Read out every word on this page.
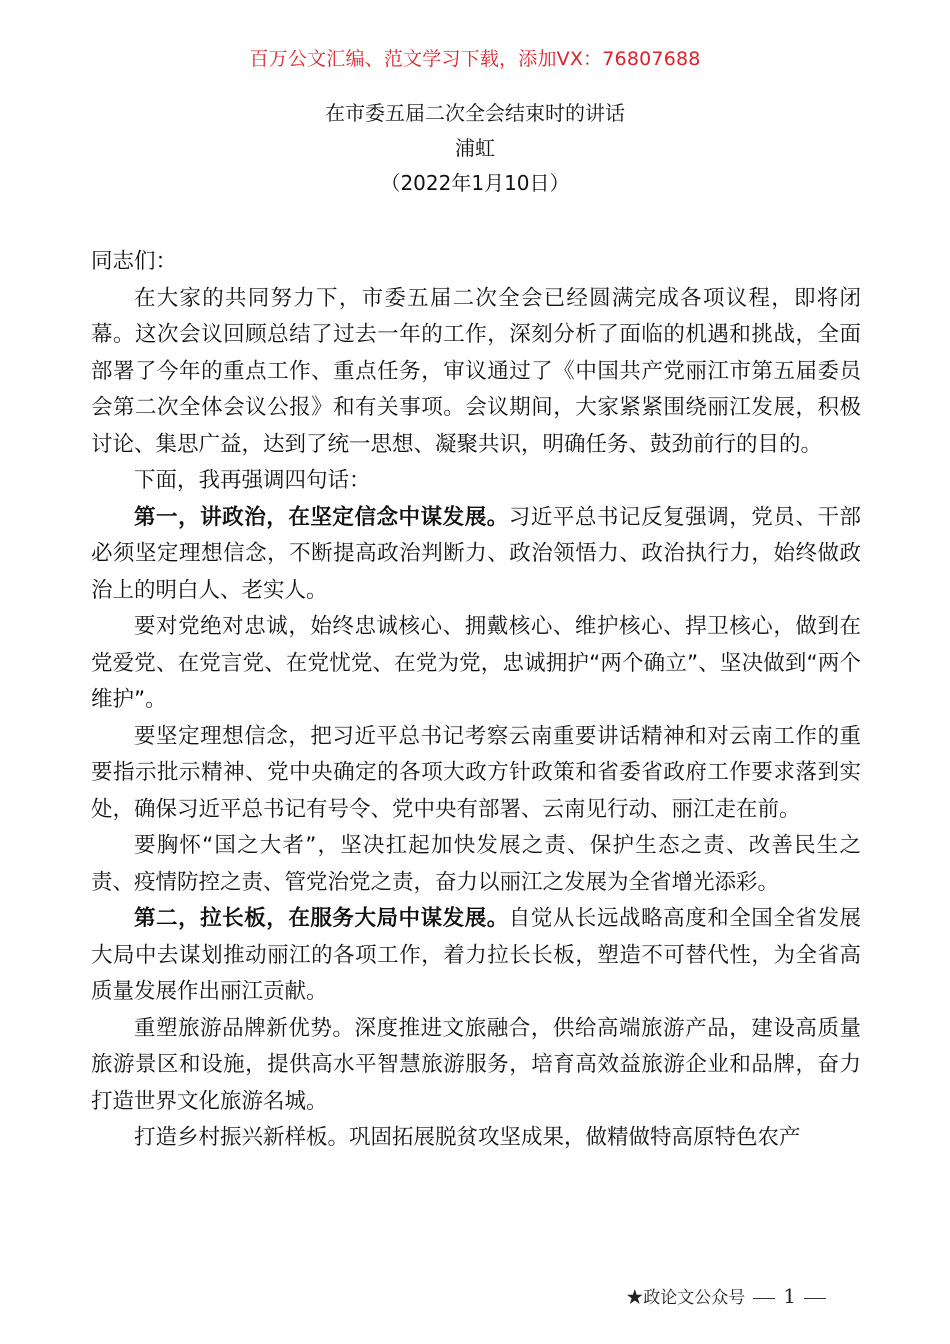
百万公文汇编、范文学习下载，添加VX：76807688
在市委五届二次全会结束时的讲话
浦虹
（2022年1月10日）

同志们：

在大家的共同努力下，市委五届二次全会已经圆满完成各项议程，即将闭幕。这次会议回顾总结了过去一年的工作，深刻分析了面临的机遇和挑战，全面部署了今年的重点工作、重点任务，审议通过了《中国共产党丽江市第五届委员会第二次全体会议公报》和有关事项。会议期间，大家紧紧围绕丽江发展，积极讨论、集思广益，达到了统一思想、凝聚共识，明确任务、鼓劲前行的目的。

下面，我再强调四句话：

第一，讲政治，在坚定信念中谋发展。习近平总书记反复强调，党员、干部必须坚定理想信念，不断提高政治判断力、政治领悟力、政治执行力，始终做政治上的明白人、老实人。

要对党绝对忠诚，始终忠诚核心、拥戴核心、维护核心、捍卫核心，做到在党爱党、在党言党、在党忧党、在党为党，忠诚拥护“两个确立”、坚决做到“两个维护”。

要坚定理想信念，把习近平总书记考察云南重要讲话精神和对云南工作的重要指示批示精神、党中央确定的各项大政方针政策和省委省政府工作要求落到实处，确保习近平总书记有号令、党中央有部署、云南见行动、丽江走在前。

要胸怀“国之大者”，坚决扛起加快发展之责、保护生态之责、改善民生之责、疫情防控之责、管党治党之责，奋力以丽江之发展为全省增光添彩。

第二，拉长板，在服务大局中谋发展。自觉从长远战略高度和全国全省发展大局中去谋划推动丽江的各项工作，着力拉长长板，塑造不可替代性，为全省高质量发展作出丽江贡献。

重塑旅游品牌新优势。深度推进文旅融合，供给高端旅游产品，建设高质量旅游景区和设施，提供高水平智慧旅游服务，培育高效益旅游企业和品牌，奋力打造世界文化旅游名城。

打造乡村振兴新样板。巩固拓展脱贫攻坚成果，做精做特高原特色农产

★政论文公众号 1
